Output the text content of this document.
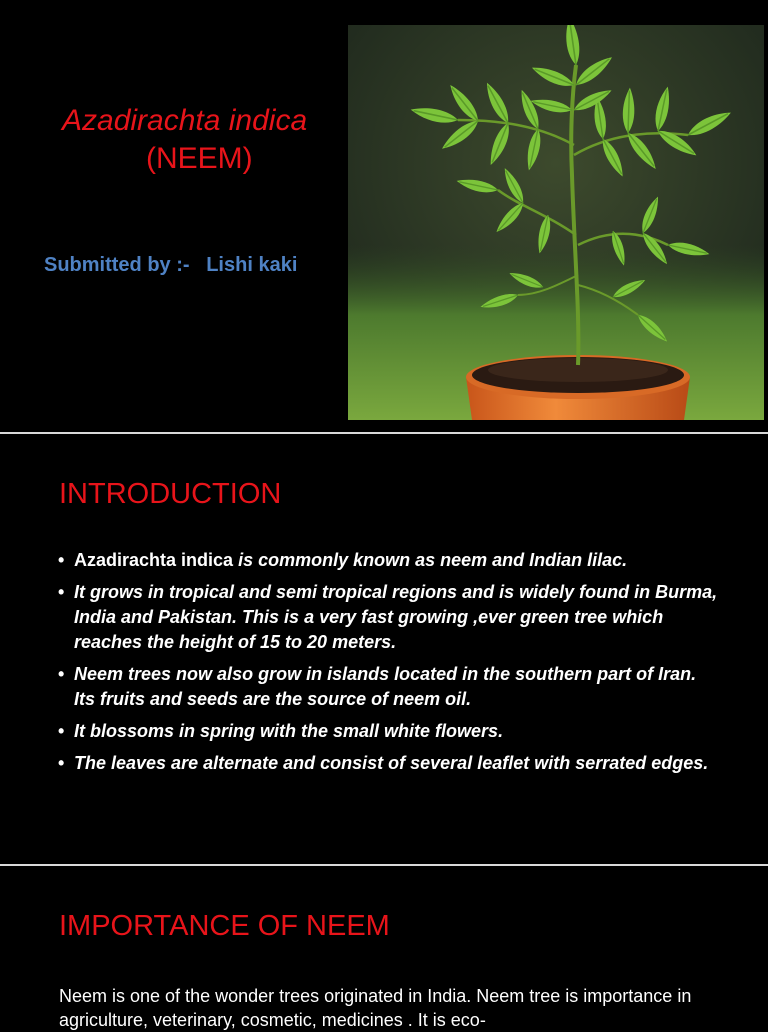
Azadirachta indica
(NEEM)
Submitted by :- Lishi kaki
INTRODUCTION
• Azadirachta indica is commonly known as neem and Indian lilac.
• It grows in tropical and semi tropical regions and is widely found in Burma, India and Pakistan. This is a very fast growing ,ever green tree which reaches the height of 15 to 20 meters.
• Neem trees now also grow in islands located in the southern part of Iran. Its fruits and seeds are the source of neem oil.
• It blossoms in spring with the small white flowers.
• The leaves are alternate and consist of several leaflet with serrated edges.
IMPORTANCE OF NEEM
Neem is one of the wonder trees originated in India. Neem tree is importance in agriculture, veterinary, cosmetic, medicines . It is eco-
